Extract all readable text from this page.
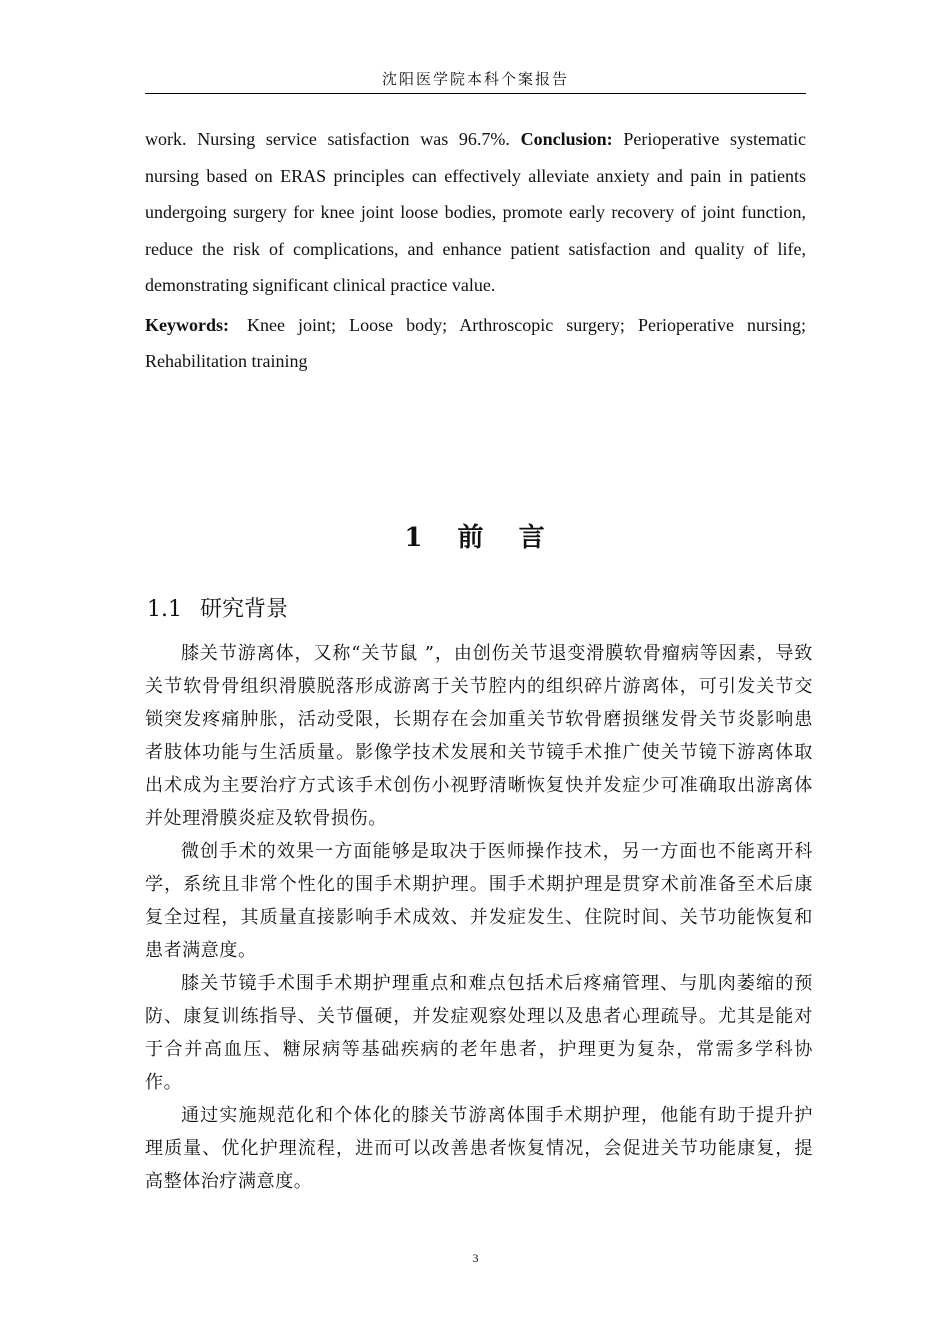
沈阳医学院本科个案报告

work. Nursing service satisfaction was 96.7%. Conclusion: Perioperative systematic nursing based on ERAS principles can effectively alleviate anxiety and pain in patients undergoing surgery for knee joint loose bodies, promote early recovery of joint function, reduce the risk of complications, and enhance patient satisfaction and quality of life, demonstrating significant clinical practice value.

Keywords: Knee joint; Loose body; Arthroscopic surgery; Perioperative nursing; Rehabilitation training

1 前 言
1.1 研究背景

膝关节游离体，又称“关节鼠 ”，由创伤关节退变滑膜软骨瘤病等因素，导致关节软骨骨组织滑膜脱落形成游离于关节腔内的组织碎片游离体，可引发关节交锁突发疼痛肿胀，活动受限，长期存在会加重关节软骨磨损继发骨关节炎影响患者肢体功能与生活质量。影像学技术发展和关节镜手术推广使关节镜下游离体取出术成为主要治疗方式该手术创伤小视野清晰恢复快并发症少可准确取出游离体并处理滑膜炎症及软骨损伤。

微创手术的效果一方面能够是取决于医师操作技术，另一方面也不能离开科学，系统且非常个性化的围手术期护理。围手术期护理是贯穿术前准备至术后康复全过程，其质量直接影响手术成效、并发症发生、住院时间、关节功能恢复和患者满意度。

膝关节镜手术围手术期护理重点和难点包括术后疼痛管理、与肌肉萎缩的预防、康复训练指导、关节僵硬，并发症观察处理以及患者心理疏导。尤其是能对于合并高血压、糖尿病等基础疾病的老年患者，护理更为复杂，常需多学科协作。

通过实施规范化和个体化的膝关节游离体围手术期护理，他能有助于提升护理质量、优化护理流程，进而可以改善患者恢复情况，会促进关节功能康复，提高整体治疗满意度。

3
